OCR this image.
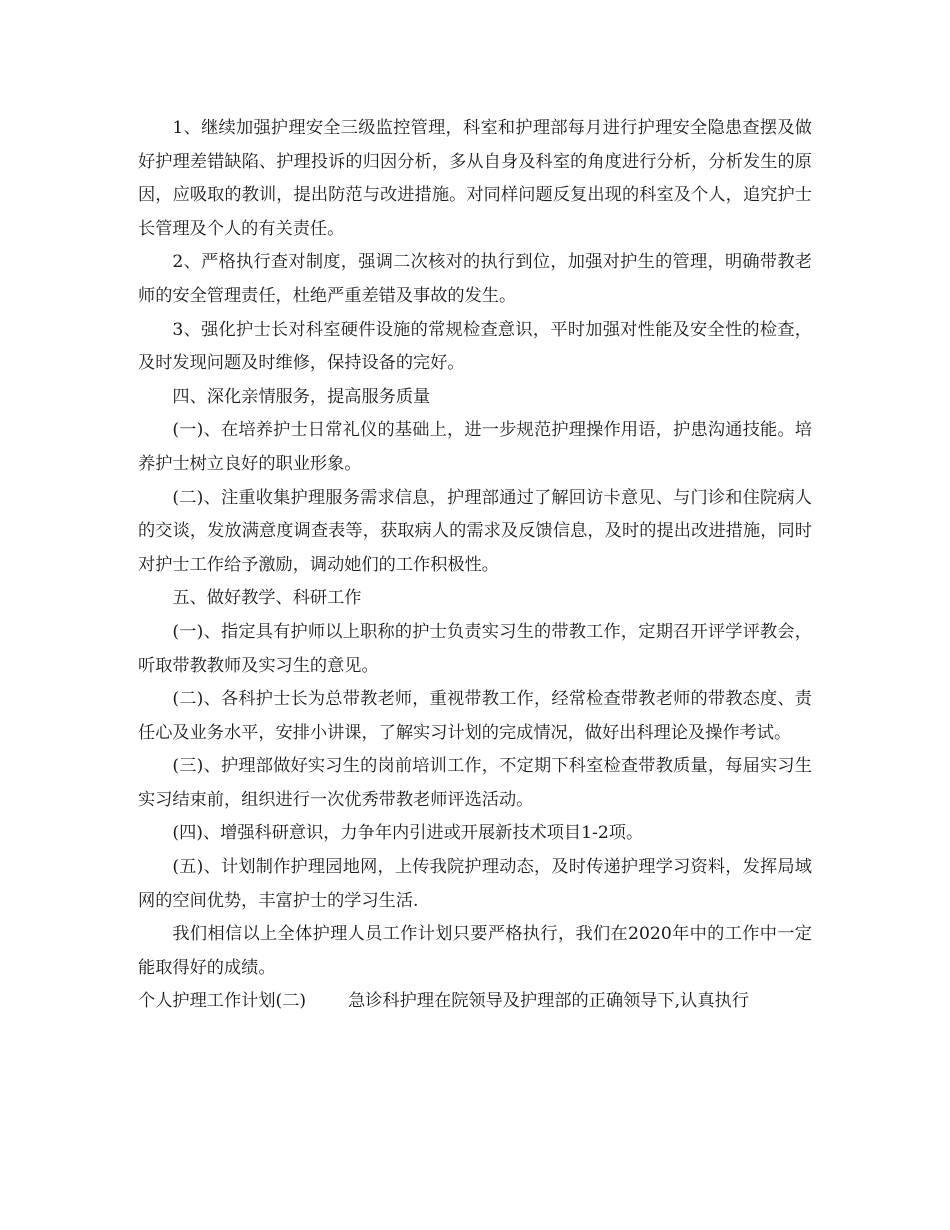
1、继续加强护理安全三级监控管理，科室和护理部每月进行护理安全隐患查摆及做好护理差错缺陷、护理投诉的归因分析，多从自身及科室的角度进行分析，分析发生的原因，应吸取的教训，提出防范与改进措施。对同样问题反复出现的科室及个人，追究护士长管理及个人的有关责任。

2、严格执行查对制度，强调二次核对的执行到位，加强对护生的管理，明确带教老师的安全管理责任，杜绝严重差错及事故的发生。

3、强化护士长对科室硬件设施的常规检查意识，平时加强对性能及安全性的检查，及时发现问题及时维修，保持设备的完好。

四、深化亲情服务，提高服务质量

(一)、在培养护士日常礼仪的基础上，进一步规范护理操作用语，护患沟通技能。培养护士树立良好的职业形象。

(二)、注重收集护理服务需求信息，护理部通过了解回访卡意见、与门诊和住院病人的交谈，发放满意度调查表等，获取病人的需求及反馈信息，及时的提出改进措施，同时对护士工作给予激励，调动她们的工作积极性。

五、做好教学、科研工作

(一)、指定具有护师以上职称的护士负责实习生的带教工作，定期召开评学评教会，听取带教教师及实习生的意见。

(二)、各科护士长为总带教老师，重视带教工作，经常检查带教老师的带教态度、责任心及业务水平，安排小讲课，了解实习计划的完成情况，做好出科理论及操作考试。

(三)、护理部做好实习生的岗前培训工作，不定期下科室检查带教质量，每届实习生实习结束前，组织进行一次优秀带教老师评选活动。

(四)、增强科研意识，力争年内引进或开展新技术项目1-2项。

(五)、计划制作护理园地网，上传我院护理动态，及时传递护理学习资料，发挥局域网的空间优势，丰富护士的学习生活.

我们相信以上全体护理人员工作计划只要严格执行，我们在2020年中的工作中一定能取得好的成绩。

个人护理工作计划(二) 急诊科护理在院领导及护理部的正确领导下,认真执行
